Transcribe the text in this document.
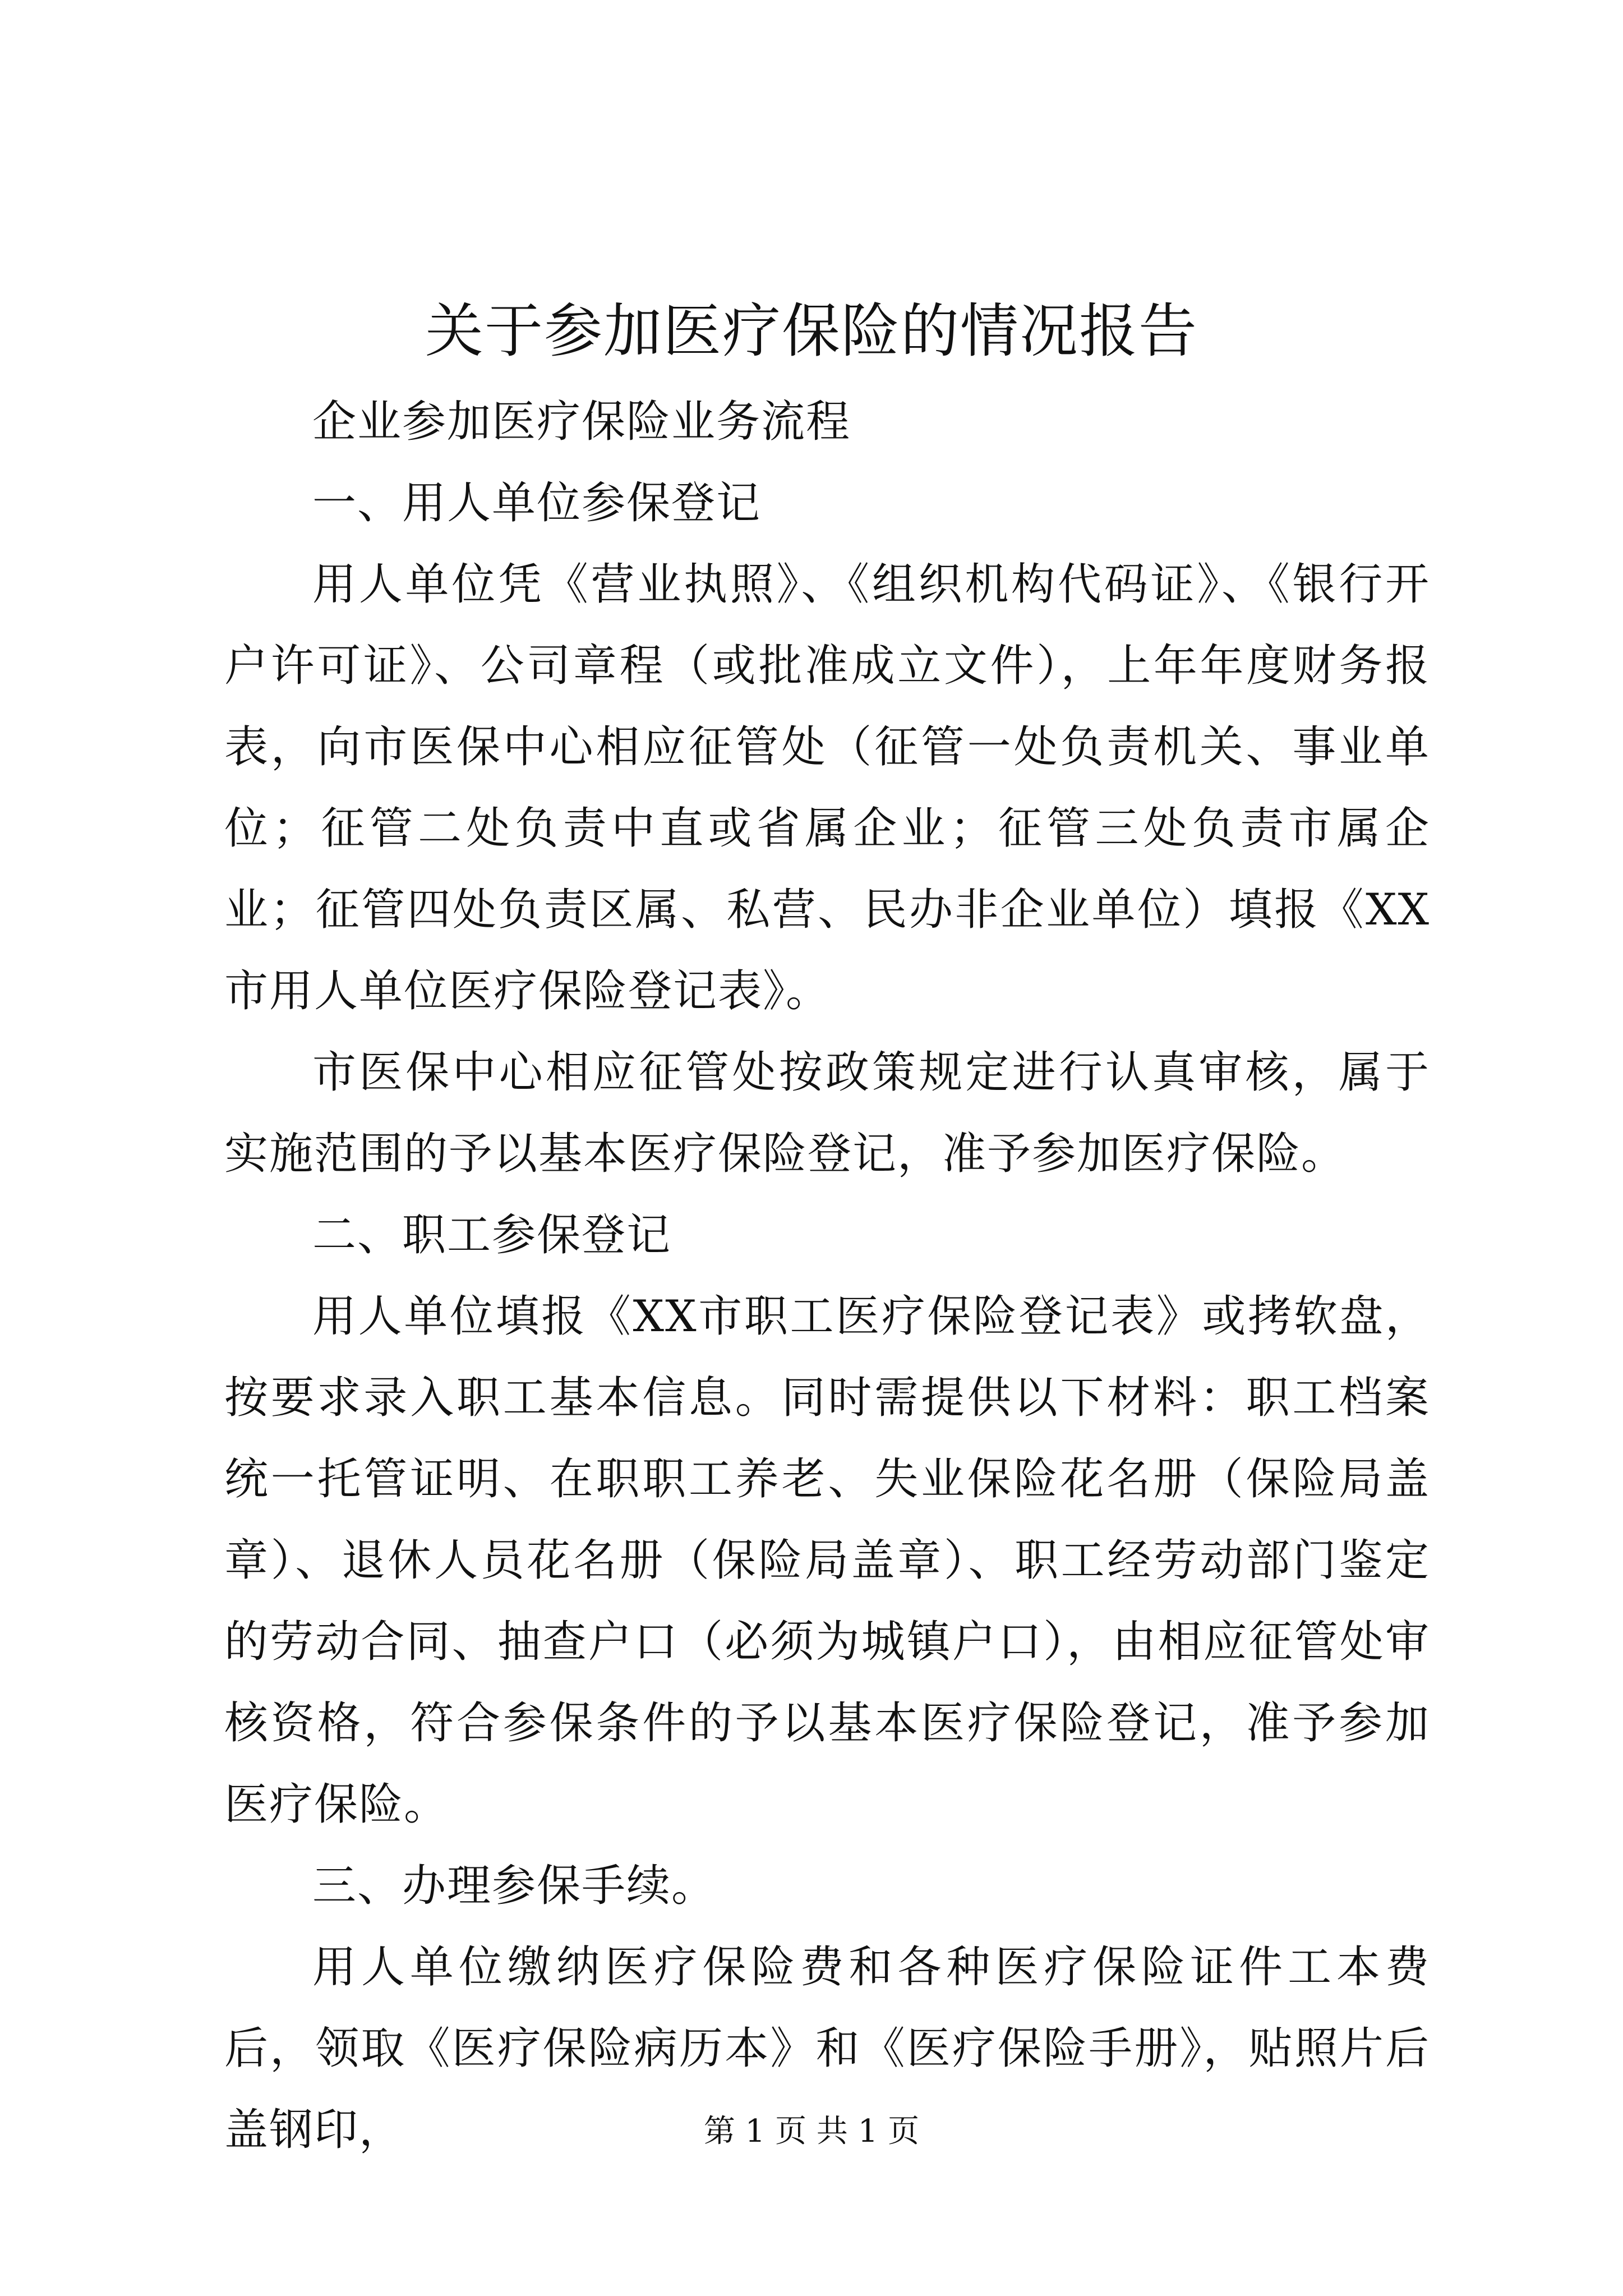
关于参加医疗保险的情况报告

企业参加医疗保险业务流程

一、用人单位参保登记

用人单位凭《营业执照》、《组织机构代码证》、《银行开户许可证》、公司章程（或批准成立文件），上年年度财务报表，向市医保中心相应征管处（征管一处负责机关、事业单位；征管二处负责中直或省属企业；征管三处负责市属企业；征管四处负责区属、私营、民办非企业单位）填报《XX市用人单位医疗保险登记表》。

市医保中心相应征管处按政策规定进行认真审核，属于实施范围的予以基本医疗保险登记，准予参加医疗保险。

二、职工参保登记

用人单位填报《XX市职工医疗保险登记表》或拷软盘，按要求录入职工基本信息。同时需提供以下材料：职工档案统一托管证明、在职职工养老、失业保险花名册（保险局盖章）、退休人员花名册（保险局盖章）、职工经劳动部门鉴定的劳动合同、抽查户口（必须为城镇户口），由相应征管处审核资格，符合参保条件的予以基本医疗保险登记，准予参加医疗保险。

三、办理参保手续。

用人单位缴纳医疗保险费和各种医疗保险证件工本费后，领取《医疗保险病历本》和《医疗保险手册》，贴照片后盖钢印，	第 1 页 共 1 页
